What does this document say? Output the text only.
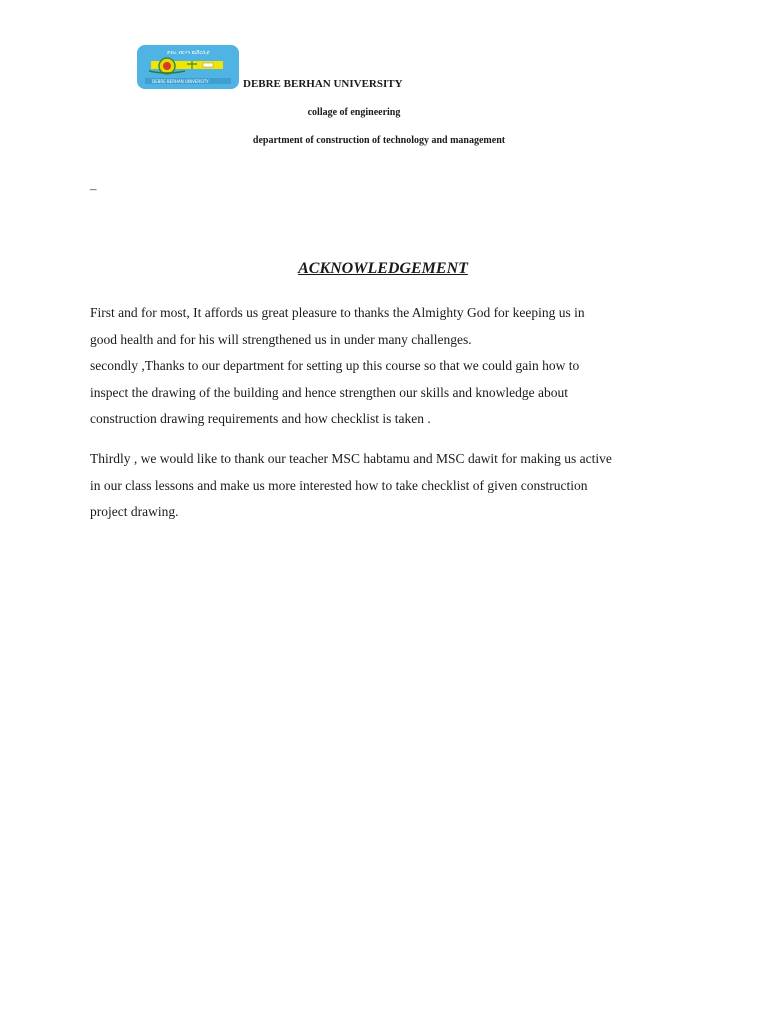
ደብረ ብርሃን ዩኒቨርሲቲ
DEBRE BERHAN UNIVERSITY	DEBRE BERHAN UNIVERSITY
collage of engineering
department of construction of technology and management
–
ACKNOWLEDGEMENT

First and for most, It affords us great pleasure to thanks the Almighty God for keeping us in
good health and for his will strengthened us in under many challenges.
secondly ,Thanks to our department for setting up this course so that we could gain how to
inspect the drawing of the building and hence strengthen our skills and knowledge about
construction drawing requirements and how checklist is taken .

Thirdly , we would like to thank our teacher MSC habtamu and MSC dawit for making us active
in our class lessons and make us more interested how to take checklist of given construction
project drawing.
